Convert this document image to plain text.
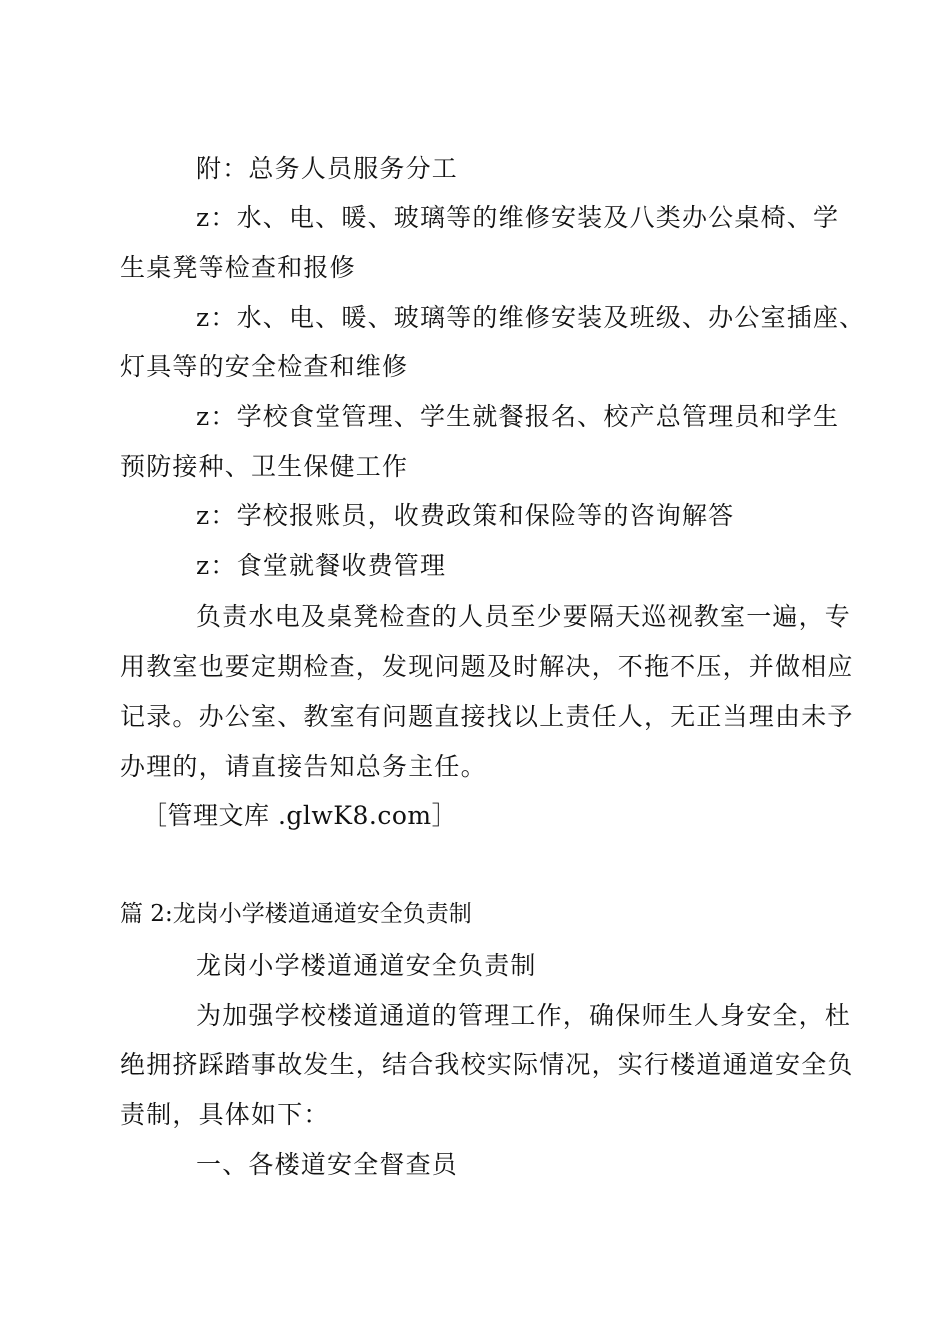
附：总务人员服务分工
z：水、电、暖、玻璃等的维修安装及八类办公桌椅、学
生桌凳等检查和报修
z：水、电、暖、玻璃等的维修安装及班级、办公室插座、
灯具等的安全检查和维修
z：学校食堂管理、学生就餐报名、校产总管理员和学生
预防接种、卫生保健工作
z：学校报账员，收费政策和保险等的咨询解答
z：食堂就餐收费管理
负责水电及桌凳检查的人员至少要隔天巡视教室一遍，专
用教室也要定期检查，发现问题及时解决，不拖不压，并做相应
记录。办公室、教室有问题直接找以上责任人，无正当理由未予
办理的，请直接告知总务主任。
［管理文库 .glwK8.com］
篇 2:龙岗小学楼道通道安全负责制
龙岗小学楼道通道安全负责制
为加强学校楼道通道的管理工作，确保师生人身安全，杜
绝拥挤踩踏事故发生，结合我校实际情况，实行楼道通道安全负
责制，具体如下：
一、各楼道安全督查员
